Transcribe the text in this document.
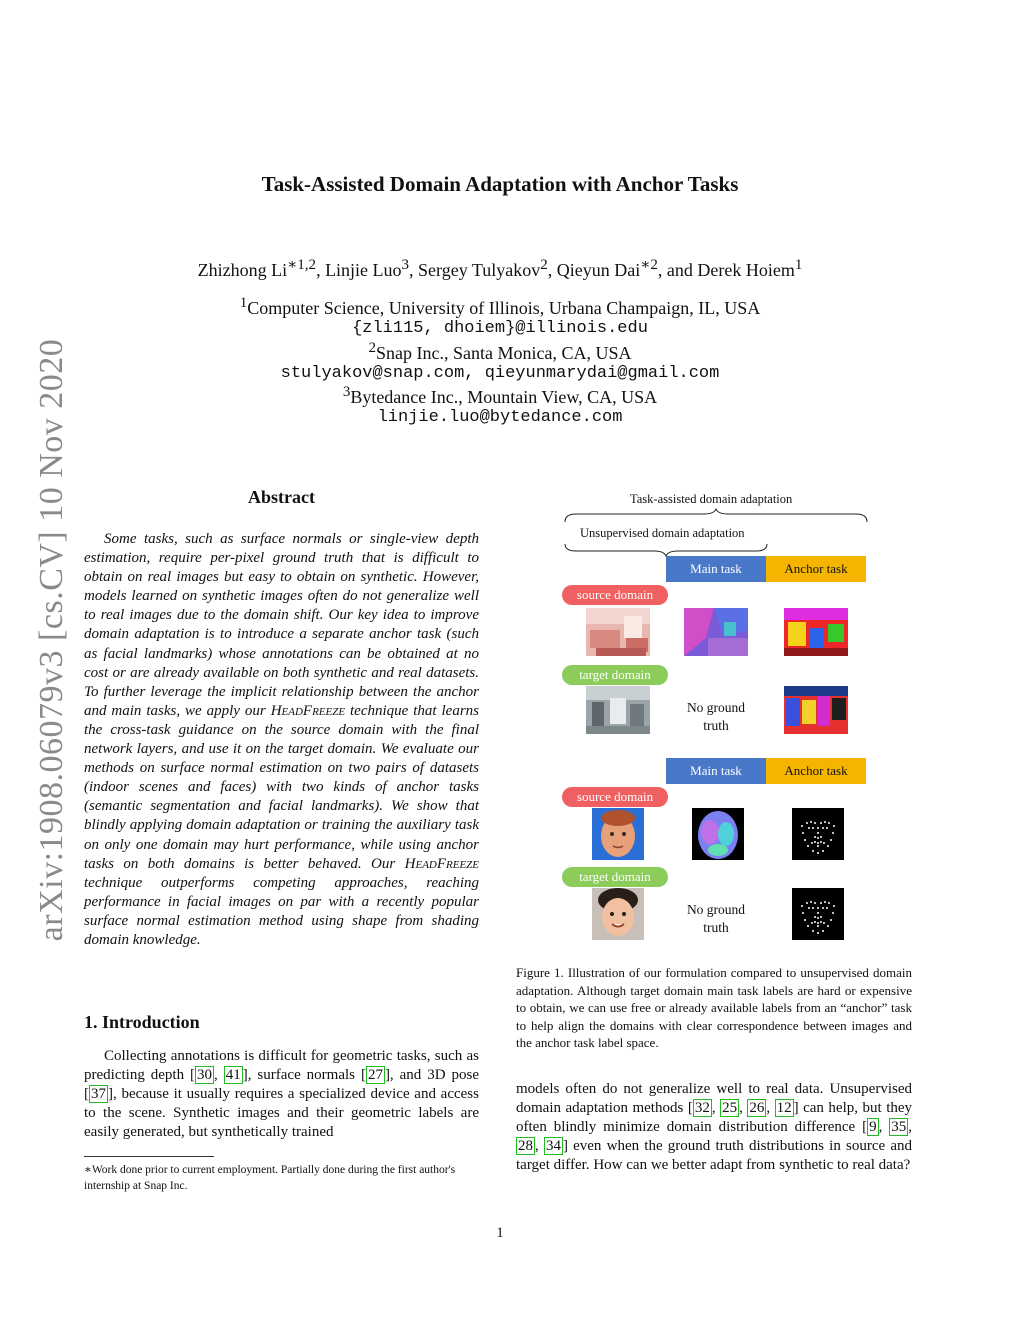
arXiv:1908.06079v3 [cs.CV] 10 Nov 2020
Task-Assisted Domain Adaptation with Anchor Tasks
Zhizhong $Li^{∗1,2}$, Linjie Luo$^3$, Sergey Tulyakov$^2$, Qieyun Dai$^{∗2}$, and Derek Hoiem$^1$
$^1$Computer Science, University of Illinois, Urbana Champaign, IL, USA
{zli115, dhoiem}@illinois.edu
$^2$Snap Inc., Santa Monica, CA, USA
stulyakov@snap.com, qieyunmarydai@gmail.com
$^3$Bytedance Inc., Mountain View, CA, USA
linjie.luo@bytedance.com
Abstract
Some tasks, such as surface normals or single-view depth estimation, require per-pixel ground truth that is difficult to obtain on real images but easy to obtain on synthetic. However, models learned on synthetic images often do not generalize well to real images due to the domain shift. Our key idea to improve domain adaptation is to introduce a separate anchor task (such as facial landmarks) whose annotations can be obtained at no cost or are already available on both synthetic and real datasets. To further leverage the implicit relationship between the anchor and main tasks, we apply our HeadFreeze technique that learns the cross-task guidance on the source domain with the final network layers, and use it on the target domain. We evaluate our methods on surface normal estimation on two pairs of datasets (indoor scenes and faces) with two kinds of anchor tasks (semantic segmentation and facial landmarks). We show that blindly applying domain adaptation or training the auxiliary task on only one domain may hurt performance, while using anchor tasks on both domains is better behaved. Our HeadFreeze technique outperforms competing approaches, reaching performance in facial images on par with a recently popular surface normal estimation method using shape from shading domain knowledge.
1. Introduction
Collecting annotations is difficult for geometric tasks, such as predicting depth [ 30 , 41 ], surface normals [ 27 ], and 3D pose [ 37 ], because it usually requires a specialized device and access to the scene. Synthetic images and their geometric labels are easily generated, but synthetically trained
∗Work done prior to current employment. Partially done during the first author's internship at Snap Inc.
Task-assisted domain adaptation
Unsupervised domain adaptation
Main task	Anchor task
source domain
target domain
No ground
truth
Main task	Anchor task
source domain
target domain
No ground
truth
Figure 1. Illustration of our formulation compared to unsupervised domain adaptation. Although target domain main task labels are hard or expensive to obtain, we can use free or already available labels from an “anchor” task to help align the domains with clear correspondence between images and the anchor task label space.
models often do not generalize well to real data. Unsupervised domain adaptation methods [ 32 , 25 , 26 , 12 ] can help, but they often blindly minimize domain distribution difference [ 9 , 35 , 28 , 34 ] even when the ground truth distributions in source and target differ. How can we better adapt from synthetic to real data?
1
